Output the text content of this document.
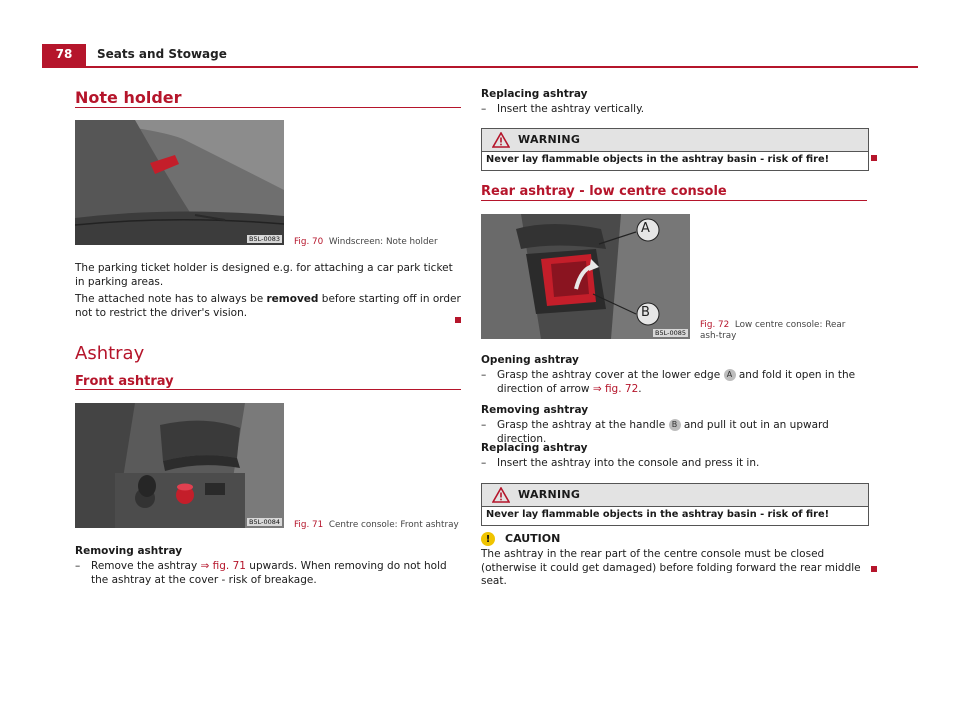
78	Seats and Stowage
Note holder
B5L-0083 Fig. 70 Windscreen: Note holder
The parking ticket holder is designed e.g. for attaching a car park ticket in parking areas.
The attached note has to always be removed before starting off in order not to restrict the driver's vision.
Ashtray
Front ashtray
B5L-0084 Fig. 71 Centre console: Front ashtray
Removing ashtray
– Remove the ashtray ⇒ fig. 71 upwards. When removing do not hold the ashtray at the cover - risk of breakage.
Replacing ashtray
– Insert the ashtray vertically.
WARNING
Never lay flammable objects in the ashtray basin - risk of fire!
Rear ashtray - low centre console
A
B
B5L-0085
Fig. 72 Low centre console: Rear ash-tray
Opening ashtray
– Grasp the ashtray cover at the lower edge A and fold it open in the direction of arrow ⇒ fig. 72.
Removing ashtray
– Grasp the ashtray at the handle B and pull it out in an upward direction.
Replacing ashtray
– Insert the ashtray into the console and press it in.
WARNING
Never lay flammable objects in the ashtray basin - risk of fire!
!	CAUTION
The ashtray in the rear part of the centre console must be closed (otherwise it could get damaged) before folding forward the rear middle seat.
